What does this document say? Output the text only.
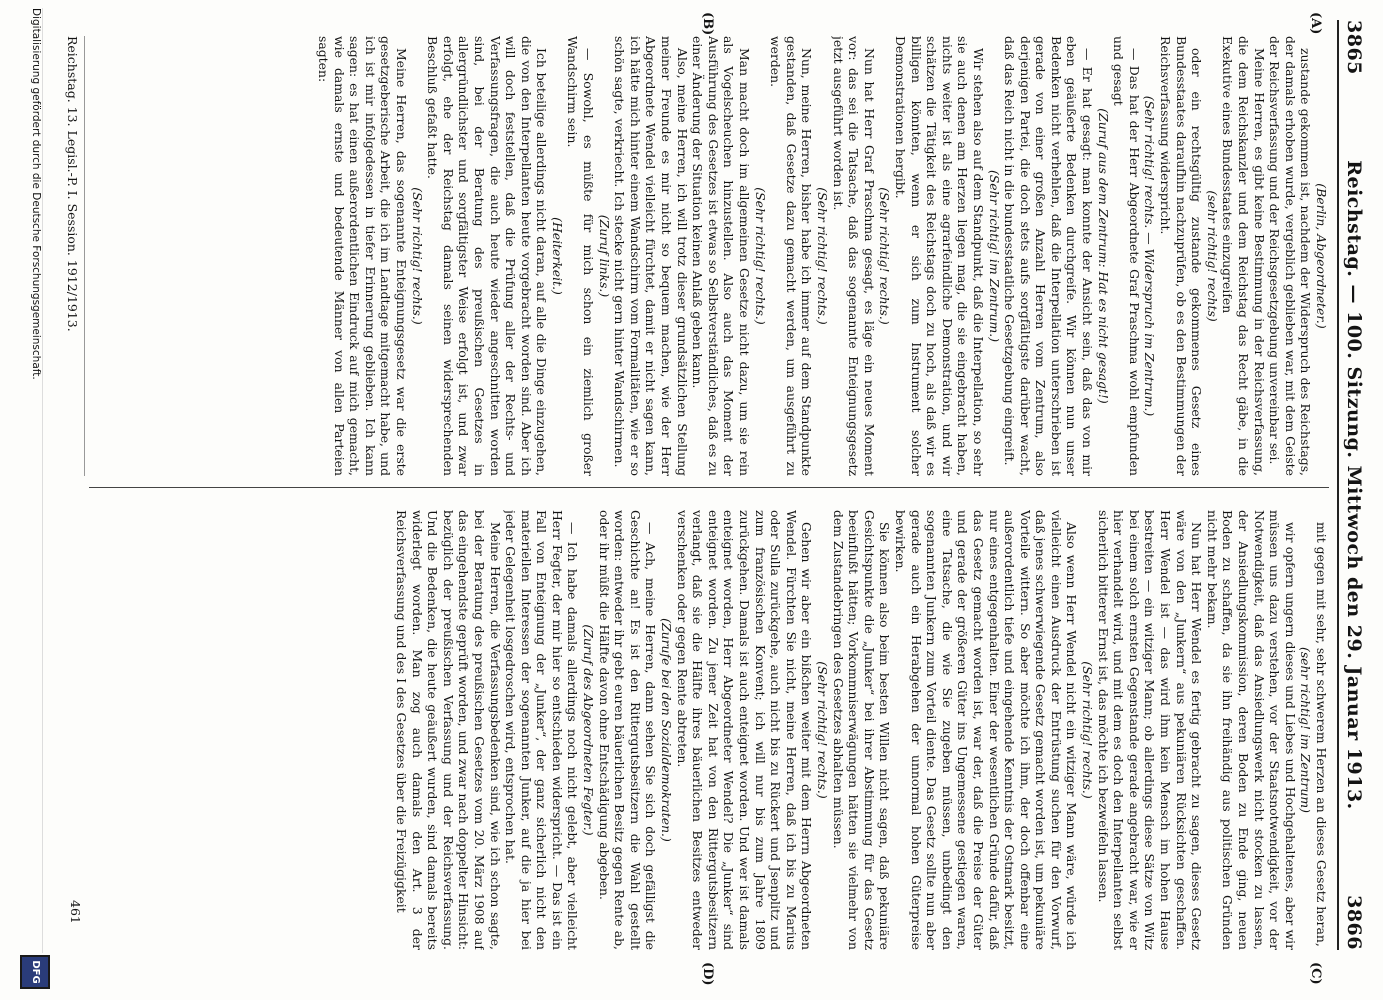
3865
Reichstag. — 100. Sitzung. Mittwoch den 29. Januar 1913.
3866
(A)
(B)
(C)
(D)

(Berlin, Abgeordneter.)

zustande gekommen ist, nachdem der Widerspruch des Reichstags, der damals erhoben wurde, vergeblich geblieben war, mit dem Geiste der Reichsverfassung und der Reichsgesetzgebung unvereinbar sei.

Meine Herren, es gibt keine Bestimmung in der Reichsverfassung, die dem Reichskanzler und dem Reichstag das Recht gäbe, in die Exekutive eines Bundesstaates einzugreifen

(sehr richtig! rechts)

oder ein rechtsgültig zustande gekommenes Gesetz eines Bundesstaates daraufhin nachzuprüfen, ob es den Bestimmungen der Reichsverfassung widerspricht.

(Sehr richtig! rechts. — Widerspruch im Zentrum.)

— Das hat der Herr Abgeordnete Graf Praschma wohl empfunden und gesagt

(Zuruf aus dem Zentrum: Hat es nicht gesagt!)

— Er hat gesagt: man konnte der Ansicht sein, daß das von mir eben geäußerte Bedenken durchgreife. Wir können nun unser Bedenken nicht verhehlen, daß die Interpellation unterschrieben ist gerade von einer großen Anzahl Herren vom Zentrum, also derjenigen Partei, die doch stets aufs sorgfältigste darüber wacht, daß das Reich nicht in die bundesstaatliche Gesetzgebung eingreift.

(Sehr richtig! im Zentrum.)

Wir stehen also auf dem Standpunkt, daß die Interpellation, so sehr sie auch denen am Herzen liegen mag, die sie eingebracht haben, nichts weiter ist als eine agrarfeindliche Demonstration, und wir schätzen die Tätigkeit des Reichstags doch zu hoch, als daß wir es billigen könnten, wenn er sich zum Instrument solcher Demonstrationen hergibt.

(Sehr richtig! rechts.)

Nun hat Herr Graf Praschma gesagt, es läge ein neues Moment vor: das sei die Tatsache, daß das sogenannte Enteignungsgesetz jetzt ausgeführt worden ist.

(Sehr richtig! rechts.)

Nun, meine Herren, bisher habe ich immer auf dem Standpunkte gestanden, daß Gesetze dazu gemacht werden, um ausgeführt zu werden.

(Sehr richtig! rechts.)

Man macht doch im allgemeinen Gesetze nicht dazu, um sie rein als Vogelscheuchen hinzustellen. Also auch das Moment der Ausführung des Gesetzes ist etwas so Selbstverständliches, daß es zu einer Änderung der Situation keinen Anlaß geben kann.

Also, meine Herren, ich will trotz dieser grundsätzlichen Stellung meiner Freunde es mir nicht so bequem machen, wie der Herr Abgeordnete Wendel vielleicht fürchtet, damit er nicht sagen kann, ich hätte mich hinter einem Wandschirm vom Formalitäten, wie er so schön sagte, verkriecht. Ich stecke nicht gern hinter Wandschirmen.

(Zuruf links.)

— Sowohl, es müßte für mich schon ein ziemlich großer Wandschirm sein.

(Heiterkeit.)

Ich beteilige allerdings nicht daran, auf alle die Dinge einzugehen, die von den Interpellanten heute vorgebracht worden sind. Aber ich will doch feststellen, daß die Prüfung aller der Rechts- und Verfassungsfragen, die auch heute wieder angeschnitten worden sind, bei der Beratung des preußischen Gesetzes in allergründlichster und sorgfältigster Weise erfolgt ist, und zwar erfolgt, ehe der Reichstag damals seinen widersprechenden Beschluß gefaßt hatte.

(Sehr richtig! rechts.)

Meine Herren, das sogenannte Enteignungsgesetz war die erste gesetzgeberische Arbeit, die ich im Landtage mitgemacht habe, und ich ist mir infolgedessen in tiefer Erinnerung geblieben. Ich kann sagen: es hat einen außerordentlichen Eindruck auf mich gemacht, wie damals ernste und bedeutende Männer von allen Parteien sagten:

mit gegen mit sehr, sehr schwerem Herzen an dieses Gesetz heran,

(sehr richtig! im Zentrum)

wir opfern ungern dieses und Liebes und Hochgehaltenes, aber wir müssen uns dazu verstehen, vor der Staatsnotwendigkeit, vor der Notwendigkeit, daß das Ansiedlungswerk nicht stocken zu lassen, der Ansiedlungskommission, deren Boden zu Ende ging, neuen Boden zu schaffen, da sie ihn freihändig aus politischen Gründen nicht mehr bekam.

Nun hat Herr Wendel es fertig gebracht zu sagen, dieses Gesetz wäre von den „Junkern“ aus pekuniären Rücksichten geschaffen. Herr Wendel ist — das wird ihm kein Mensch im hohen Hause bestreiten — ein witziger Mann; ob allerdings diese Sätze von Witz bei einem solch ernsten Gegenstande gerade angebracht war, wie er hier verhandelt wird, und mit dem es doch den Interpellanten selbst sicherlich bitterer Ernst ist, das möchte ich bezweifeln lassen.

(Sehr richtig! rechts.)

Also wenn Herr Wendel nicht ein witziger Mann wäre, würde ich vielleicht einen Ausdruck der Entrüstung suchen für den Vorwurf, daß jenes schwerwiegende Gesetz gemacht worden ist, um pekuniäre Vorteile wittern. So aber möchte ich ihm, der doch offenbar eine außerordentlich tiefe und eingehende Kenntnis der Ostmark besitzt, nur eines entgegenhalten. Einer der wesentlichen Gründe dafür, daß das Gesetz gemacht worden ist, war der, daß die Preise der Güter und gerade der größeren Güter ins Ungemessene gestiegen waren, eine Tatsache, die wie Sie zugeben müssen, unbedingt den sogenannten Junkern zum Vorteil diente. Das Gesetz sollte nun aber gerade auch ein Herabgehen der unnormal hohen Güterpreise bewirken.

Sie können also beim besten Willen nicht sagen, daß pekuniäre Gesichtspunkte die „Junker“ bei ihrer Abstimmung für das Gesetz beeinflußt hätten; Vorkommniserwägungen hätten sie vielmehr von dem Zustandebringen des Gesetzes abhalten müssen.

(Sehr richtig! rechts.)

Gehen wir aber ein bißchen weiter mit dem Herrn Abgeordneten Wendel. Fürchten Sie nicht, meine Herren, daß ich bis zu Marius oder Sulla zurückgehe, auch nicht bis zu Rückert und Jsenplitz und zum französischen Konvent; ich will nur bis zum Jahre 1809 zurückgehen. Damals ist auch enteignet worden. Und wer ist damals enteignet worden, Herr Abgeordneter Wendel? Die „Junker“ sind enteignet worden. Zu jener Zeit hat von den Rittergutsbesitzern verlangt, daß sie die Hälfte ihres bäuerlichen Besitzes entweder verschenken oder gegen Rente abtreten.

(Zurufe bei den Sozialdemokraten.)

— Ach, meine Herren, dann sehen Sie sich doch gefälligst die Geschichte an! Es ist den Rittergutsbesitzern die Wahl gestellt worden: entweder ihr gebt euren bäuerlichen Besitz gegen Rente ab, oder ihr müßt die Hälfte davon ohne Entschädigung abgeben.

(Zuruf des Abgeordneten Fegter.)

— Ich habe damals allerdings noch nicht gelebt, aber vielleicht Herr Fegter, der mir hier so entschieden widerspricht. — Das ist ein Fall von Enteignung der „Junker“, der ganz sicherlich nicht den materiellen Interessen der sogenannten Junker, auf die ja hier bei jeder Gelegenheit losgedroschen wird, entsprochen hat.

Meine Herren, die Verfassungsbedenken sind, wie ich schon sagte, bei der Beratung des preußischen Gesetzes vom 20. März 1908 auf das eingehendste geprüft worden, und zwar nach doppelter Hinsicht: bezüglich der preußischen Verfassung und der Reichsverfassung. Und die Bedenken, die heute geäußert wurden, sind damals bereits widerlegt worden. Man zog auch damals den Art. 3 der Reichsverfassung und des I des Gesetzes über die Freizügigkeit

Reichstag. 13. Legisl.-P. I. Session. 1912/1913.
461
Digitalisierung gefördert durch die Deutsche Forschungsgemeinschaft.
DFG
